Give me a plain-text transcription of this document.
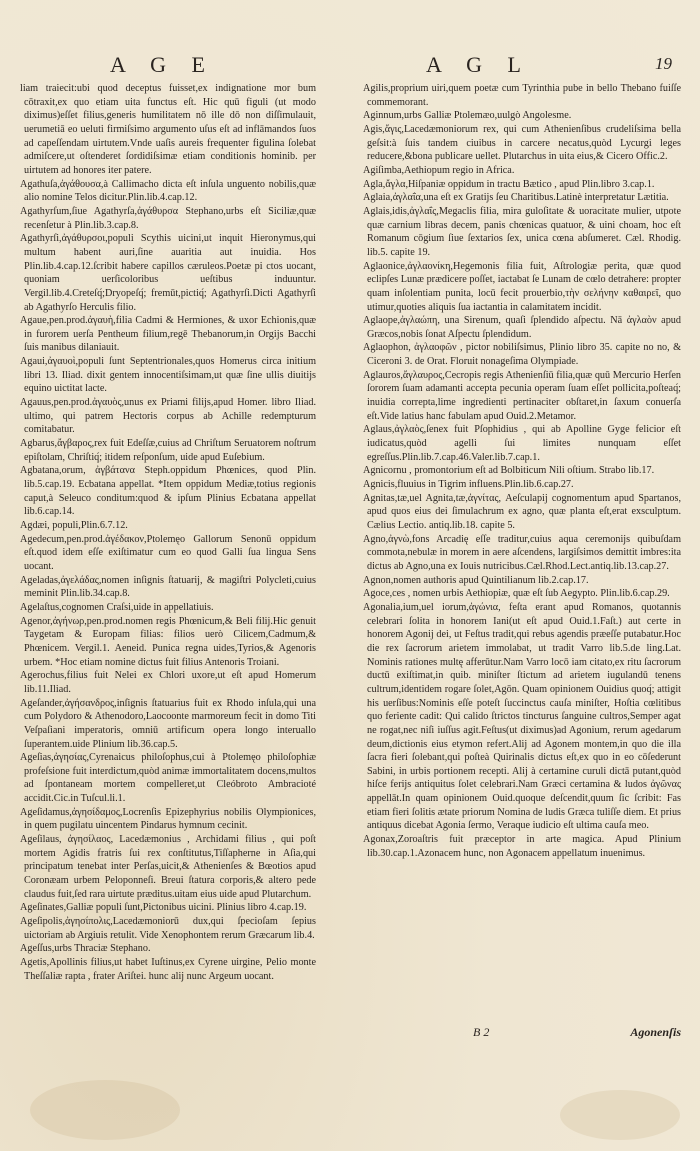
A G E	A G L	19

liam traiecit:ubi quod deceptus fuisset,ex indignatione mor bum cōtraxit,ex quo etiam uita functus eſt. Hic quū figuli (ut modo diximus)eſſet filius,generis humilitatem nō ille dō non diſſimulauit, uerumetiā eo ueluti firmiſsimo argumento uſus eſt ad inflāmandos ſuos ad capeſſendam uirtutem.Vnde uaſis aureis frequenter figulina ſolebat admiſcere,ut oſtenderet ſordidiſsimæ etiam conditionis hominib. per uirtutem ad honores iter patere.

Agathuſa,ἀγάθουσα,à Callimacho dicta eſt inſula unguento nobilis,quæ alio nomine Telos dicitur.Plin.lib.4.cap.12.

Agathyrſum,ſiue Agathyrſa,ἀγάθυρσα Stephano,urbs eſt Siciliæ,quæ recenſetur à Plin.lib.3.cap.8.

Agathyrſi,ἀγάθυρσοι,populi Scythis uicini,ut inquit Hieronymus,qui multum habent auri,ſine auaritia aut inuidia. Hos Plin.lib.4.cap.12.ſcribit habere capillos cæruleos.Poetæ pi ctos uocant, quoniam uerſicoloribus ueſtibus induuntur. Vergil.lib.4.Creteſq́;Dryopeſq́; fremūt,pictiq́; Agathyrſi.Dicti Agathyrſi ab Agathyrſo Herculis filio.

Agaue,pen.prod.ἀγαυὴ,filia Cadmi & Hermiones, & uxor Echionis,quæ in furorem uerſa Pentheum filium,regē Thebanorum,in Orgijs Bacchi ſuis manibus dilaniauit.

Agaui,ἀγαυοὶ,populi ſunt Septentrionales,quos Homerus circa initium libri 13. Iliad. dixit gentem innocentiſsimam,ut quæ ſine ullis diuitijs equino uictitat lacte.

Agauus,pen.prod.ἀγαυὸς,unus ex Priami filijs,apud Homer. libro Iliad. ultimo, qui patrem Hectoris corpus ab Achille redempturum comitabatur.

Agbarus,ἄγβαρος,rex fuit Edeſſæ,cuius ad Chriſtum Seruatorem noſtrum epiſtolam, Chriſtiq́; itidem reſponſum, uide apud Euſebium.

Agbatana,orum, ἀγβάτανα Steph.oppidum Phœnices, quod Plin. lib.5.cap.19. Ecbatana appellat. *Item oppidum Mediæ,totius regionis caput,à Seleuco conditum:quod & ipſum Plinius Ecbatana appellat lib.6.cap.14.

Agdæi, populi,Plin.6.7.12.

Agedecum,pen.prod.ἀγέδακον,Ptolemęo Gallorum Senonū oppidum eſt.quod idem eſſe exiſtimatur cum eo quod Galli ſua lingua Sens uocant.

Ageladas,ἀγελάδας,nomen inſignis ſtatuarij, & magiſtri Polycleti,cuius meminit Plin.lib.34.cap.8.

Agelaſtus,cognomen Craſsi,uide in appellatiuis.

Agenor,ἀγήνωρ,pen.prod.nomen regis Phœnicum,& Beli filij.Hic genuit Taygetam & Europam filias: filios uerò Cilicem,Cadmum,& Phœnicem. Vergil.1. Aeneid. Punica regna uides,Tyrios,& Agenoris urbem. *Hoc etiam nomine dictus fuit filius Antenoris Troiani.

Agerochus,filius fuit Nelei ex Chlori uxore,ut eſt apud Homerum lib.11.Iliad.

Ageſander,ἀγήσανδρος,inſignis ſtatuarius fuit ex Rhodo inſula,qui una cum Polydoro & Athenodoro,Laocoonte marmoreum fecit in domo Titi Veſpaſiani imperatoris, omniū artificum opera longo interuallo ſuperantem.uide Plinium lib.36.cap.5.

Ageſias,ἀγησίας,Cyrenaicus philoſophus,cui à Ptolemęo philoſophiæ profeſsione fuit interdictum,quòd animæ immortalitatem docens,multos ad ſpontaneam mortem compelleret,ut Cleóbroto Ambracioté accidit.Cic.in Tuſcul.li.1.

Ageſidamus,ἀγησίδαμος,Locrenſis Epizephyrius nobilis Olympionices, in quem pugilatu uincentem Pindarus hymnum cecinit.

Ageſilaus, ἀγησίλαος, Lacedæmonius , Archidami filius , qui poſt mortem Agidis fratris ſui rex conſtitutus,Tiſſapherne in Aſia,qui principatum tenebat inter Perſas,uicit,& Athenienſes & Bœotios apud Coronæam urbem Peloponneſi. Breui ſtatura corporis,& altero pede claudus fuit,ſed rara uirtute præditus.uitam eius uide apud Plutarchum.

Ageſinates,Galliæ populi ſunt,Pictonibus uicini. Plinius libro 4.cap.19.

Ageſipolis,ἀγησίπολις,Lacedæmoniorū dux,qui ſpecioſam ſepius uictoriam ab Argiuis retulit. Vide Xenophontem rerum Græcarum lib.4.

Ageſſus,urbs Thraciæ Stephano.

Agetis,Apollinis filius,ut habet Iuſtinus,ex Cyrene uirgine, Pelio monte Theſſaliæ rapta , frater Ariſtei. hunc alij nunc Argeum uocant.

Agilis,proprium uiri,quem poetæ cum Tyrinthia pube in bello Thebano fuiſſe commemorant.

Aginnum,urbs Galliæ Ptolemæo,uulgò Angolesme.

Agis,ἄγις,Lacedæmoniorum rex, qui cum Athenienſibus crudeliſsima bella geſsit:à ſuis tandem ciuibus in carcere necatus,quòd Lycurgi leges reducere,&bona publicare uellet. Plutarchus in uita eius,& Cicero Offic.2.

Agiſimba,Aethiopum regio in Africa.

Agla,ἄγλα,Hiſpaniæ oppidum in tractu Bætico , apud Plin.libro 3.cap.1.

Aglaia,ἀγλαΐα,una eſt ex Gratijs ſeu Charitibus.Latinè interpretatur Lætitia.

Aglais,idis,ἀγλαΐς,Megaclis filia, mira guloſitate & uoracitate mulier, utpote quæ carnium libras decem, panis chœnicas quatuor, & uini choam, hoc eſt Romanum cōgium ſiue ſextarios ſex, unica cœna abſumeret. Cæl. Rhodig. lib.5. capite 19.

Aglaonice,ἀγλαονίκη,Hegemonis filia fuit, Aſtrologiæ perita, quæ quod eclipſes Lunæ prædicere poſſet, iactabat ſe Lunam de cœlo detrahere: propter quam inſolentiam punita, locū fecit prouerbio,τὴν σελήνην καθαιρεῖ, quo utimur,quoties aliquis ſua iactantia in calamitatem incidit.

Aglaope,ἀγλαώπη, una Sirenum, quaſi ſplendido aſpectu. Nā ἀγλαὸν apud Græcos,nobis ſonat Aſpectu ſplendidum.

Aglaophon, ἀγλαοφῶν , pictor nobiliſsimus, Plinio libro 35. capite no no, & Ciceroni 3. de Orat. Floruit nonageſima Olympiade.

Aglauros,ἄγλαυρος,Cecropis regis Athenienſiū filia,quæ quū Mercurio Herſen ſororem ſuam adamanti accepta pecunia operam ſuam eſſet pollicita,poſteaq́; inuidia correpta,lime ingredienti pertinaciter obſtaret,in ſaxum conuerſa eſt.Vide latius hanc fabulam apud Ouid.2.Metamor.

Aglaus,ἀγλαὸς,ſenex fuit Pſophidius , qui ab Apolline Gyge felicior eſt iudicatus,quòd agelli ſui limites nunquam eſſet egreſſus.Plin.lib.7.cap.46.Valer.lib.7.cap.1.

Agnicornu , promontorium eſt ad Bolbiticum Nili oſtium. Strabo lib.17.

Agnicis,fluuius in Tigrim influens.Plin.lib.6.cap.27.

Agnitas,tæ,uel Agnita,tæ,ἀγνίτας, Aeſculapij cognomentum apud Spartanos, apud quos eius dei ſimulachrum ex agno, quæ planta eſt,erat exsculptum. Cælius Lectio. antiq.lib.18. capite 5.

Agno,ἀγνὼ,fons Arcadię eſſe traditur,cuius aqua ceremonijs quibuſdam commota,nebulæ in morem in aere aſcendens, largiſsimos demittit imbres:ita dictus ab Agno,una ex Iouis nutricibus.Cæl.Rhod.Lect.antiq.lib.13.cap.27.

Agnon,nomen authoris apud Quintilianum lib.2.cap.17.

Agoce,ces , nomen urbis Aethiopiæ, quæ eſt ſub Aegypto. Plin.lib.6.cap.29.

Agonalia,ium,uel iorum,ἀγώνια, feſta erant apud Romanos, quotannis celebrari ſolita in honorem Iani(ut eſt apud Ouid.1.Faſt.) aut certe in honorem Agonij dei, ut Feſtus tradit,qui rebus agendis præeſſe putabatur.Hoc die rex ſacrorum arietem immolabat, ut tradit Varro lib.5.de ling.Lat. Nominis rationes multę afferūtur.Nam Varro locō iam citato,ex ritu ſacrorum ductū exiſtimat,in quib. miniſter ſtictum ad arietem iugulandū tenens cultrum,identidem rogare ſolet,Agōn. Quam opinionem Ouidius quoq́; attigit his uerſibus:Nominis eſſe poteſt ſuccinctus cauſa miniſter, Hoſtia cœlitibus quo feriente cadit: Qui calido ſtrictos tincturus ſanguine cultros,Semper agat ne rogat,nec niſi iuſſus agit.Feſtus(ut diximus)ad Agonium, rerum agedarum deum,dictionis eius etymon refert.Alij ad Agonem montem,in quo die illa ſacra fieri ſolebant,qui poſteà Quirinalis dictus eſt,ex quo in eo cōſederunt Sabini, in urbis portionem recepti. Alij à certamine curuli dictā putant,quòd hiſce ferijs antiquitus ſolet celebrari.Nam Græci certamina & ludos ἀγῶνας appellāt.In quam opinionem Ouid.quoque deſcendit,quum ſic ſcribit: Fas etiam fieri ſolitis ætate priorum Nomina de ludis Græca tuliſſe diem. Et prius antiquus dicebat Agonia ſermo, Veraque iudicio eſt ultima cauſa meo.

Agonax,Zoroaſtris fuit præceptor in arte magica. Apud Plinium lib.30.cap.1.Azonacem hunc, non Agonacem appellatum inuenimus.

B 2	Agonenſis
